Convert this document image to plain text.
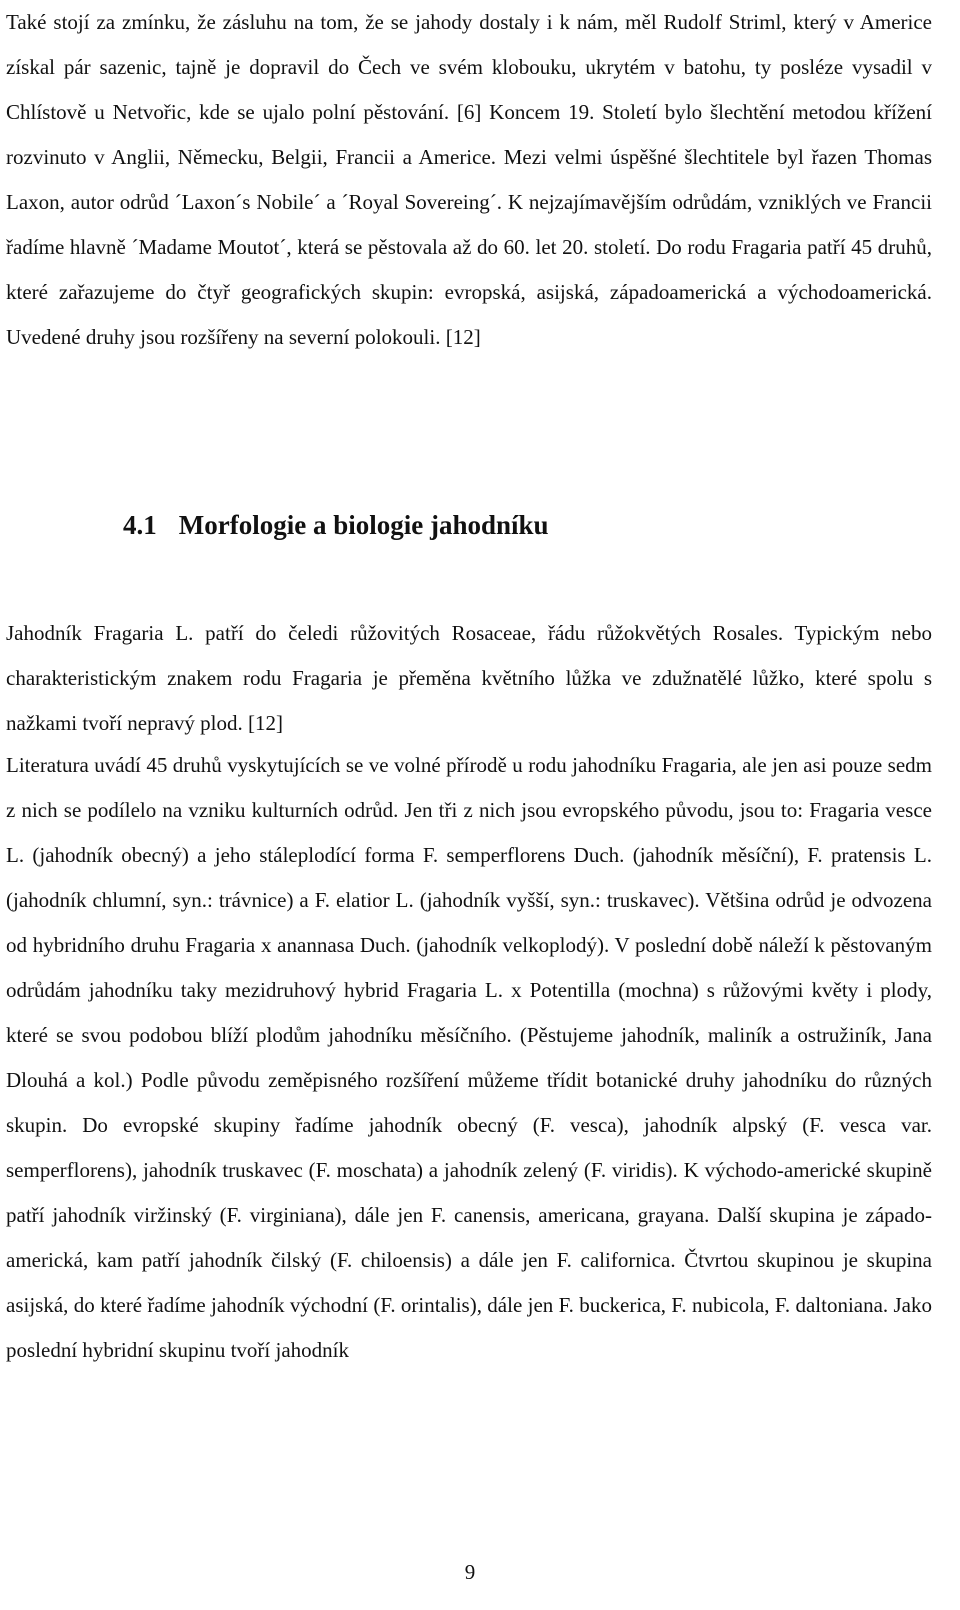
Také stojí za zmínku, že zásluhu na tom, že se jahody dostaly i k nám, měl Rudolf Striml, který v Americe získal pár sazenic, tajně je dopravil do Čech ve svém klobouku, ukrytém v batohu, ty posléze vysadil v Chlístově u Netvořic, kde se ujalo polní pěstování. [6] Koncem 19. Století bylo šlechtění metodou křížení rozvinuto v Anglii, Německu, Belgii, Francii a Americe. Mezi velmi úspěšné šlechtitele byl řazen Thomas Laxon, autor odrůd ´Laxon´s Nobile´ a ´Royal Sovereing´. K nejzajímavějším odrůdám, vzniklých ve Francii řadíme hlavně ´Madame Moutot´, která se pěstovala až do 60. let 20. století. Do rodu Fragaria patří 45 druhů, které zařazujeme do čtyř geografických skupin: evropská, asijská, západoamerická a východoamerická. Uvedené druhy jsou rozšířeny na severní polokouli. [12]

4.1 Morfologie a biologie jahodníku

Jahodník Fragaria L. patří do čeledi růžovitých Rosaceae, řádu růžokvětých Rosales. Typickým nebo charakteristickým znakem rodu Fragaria je přeměna květního lůžka ve zdužnatělé lůžko, které spolu s nažkami tvoří nepravý plod. [12]

Literatura uvádí 45 druhů vyskytujících se ve volné přírodě u rodu jahodníku Fragaria, ale jen asi pouze sedm z nich se podílelo na vzniku kulturních odrůd. Jen tři z nich jsou evropského původu, jsou to: Fragaria vesce L. (jahodník obecný) a jeho stáleplodící forma F. semperflorens Duch. (jahodník měsíční), F. pratensis L. (jahodník chlumní, syn.: trávnice) a F. elatior L. (jahodník vyšší, syn.: truskavec). Většina odrůd je odvozena od hybridního druhu Fragaria x anannasa Duch. (jahodník velkoplodý). V poslední době náleží k pěstovaným odrůdám jahodníku taky mezidruhový hybrid Fragaria L. x Potentilla (mochna) s růžovými květy i plody, které se svou podobou blíží plodům jahodníku měsíčního. (Pěstujeme jahodník, maliník a ostružiník, Jana Dlouhá a kol.) Podle původu zeměpisného rozšíření můžeme třídit botanické druhy jahodníku do různých skupin. Do evropské skupiny řadíme jahodník obecný (F. vesca), jahodník alpský (F. vesca var. semperflorens), jahodník truskavec (F. moschata) a jahodník zelený (F. viridis). K východo-americké skupině patří jahodník viržinský (F. virginiana), dále jen F. canensis, americana, grayana. Další skupina je západo-americká, kam patří jahodník čilský (F. chiloensis) a dále jen F. californica. Čtvrtou skupinou je skupina asijská, do které řadíme jahodník východní (F. orintalis), dále jen F. buckerica, F. nubicola, F. daltoniana. Jako poslední hybridní skupinu tvoří jahodník

9
